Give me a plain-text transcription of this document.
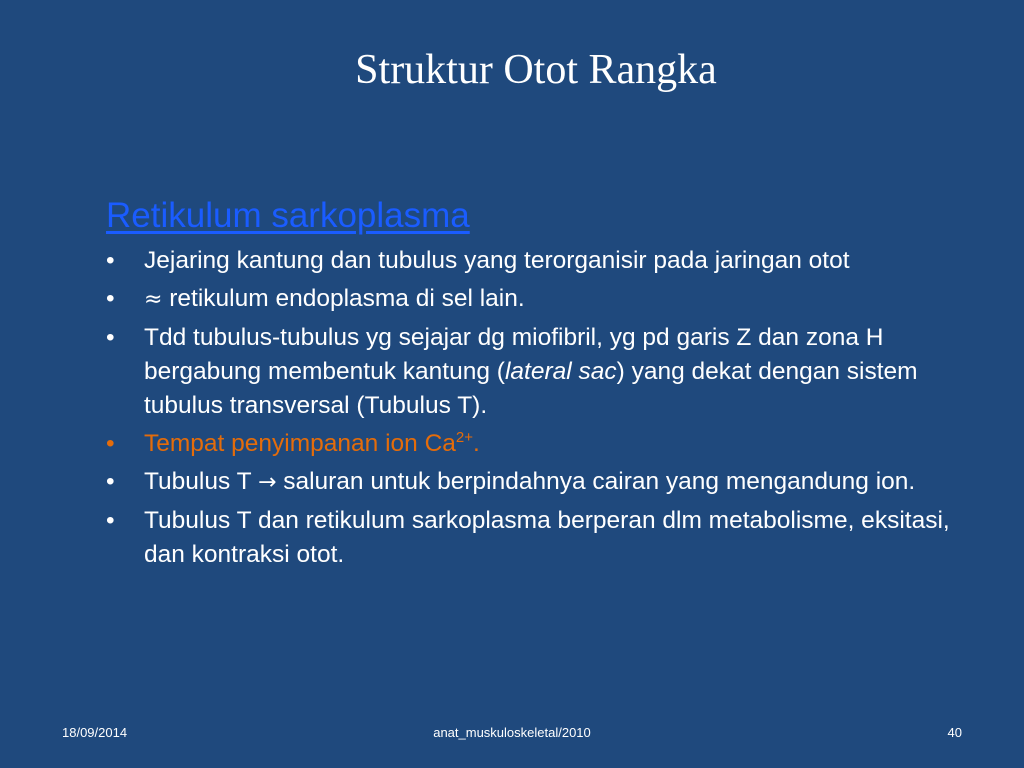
Struktur Otot Rangka
Retikulum sarkoplasma
•	Jejaring kantung dan tubulus yang terorganisir pada jaringan otot
•	≈ retikulum endoplasma di sel lain.
•	Tdd tubulus-tubulus yg sejajar dg miofibril, yg pd garis Z dan zona H bergabung membentuk kantung (lateral sac) yang dekat dengan sistem tubulus transversal (Tubulus T).
•	Tempat penyimpanan ion $Ca^{2+}$.
•	Tubulus T → saluran untuk berpindahnya cairan yang mengandung ion.
•	Tubulus T dan retikulum sarkoplasma berperan dlm metabolisme, eksitasi, dan kontraksi otot.
18/09/2014	anat_muskuloskeletal/2010	40
